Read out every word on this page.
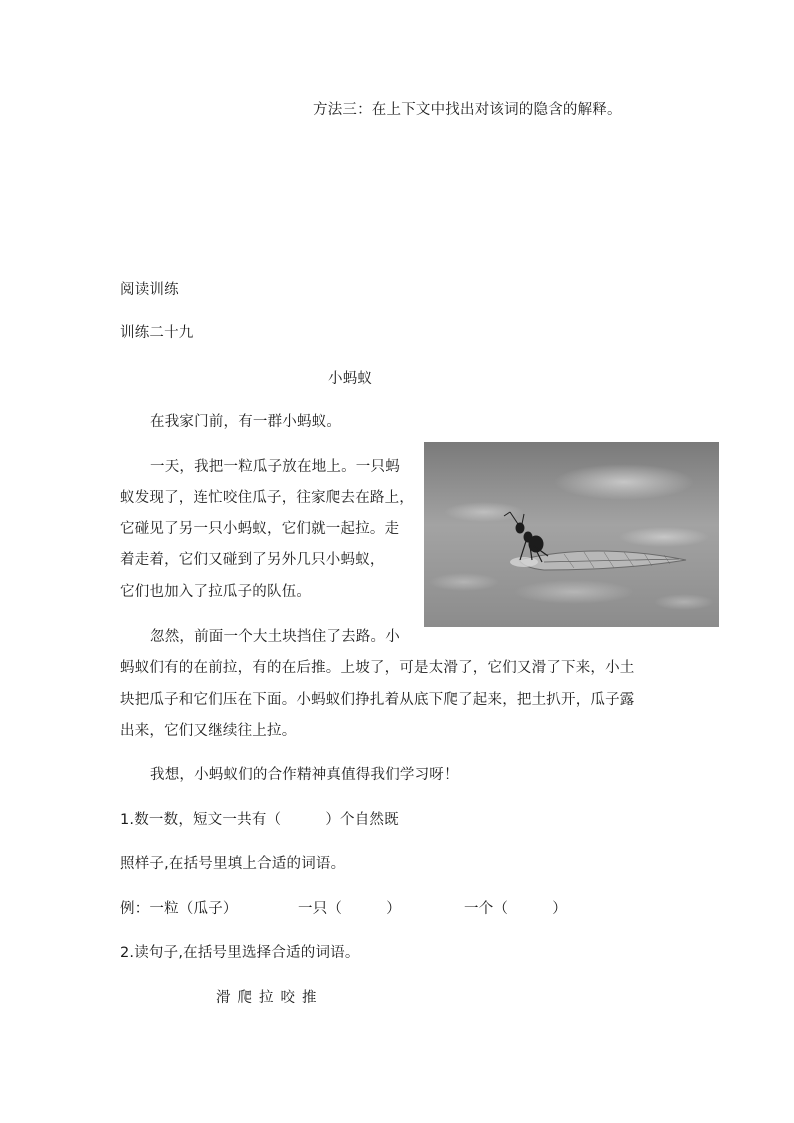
方法三：在上下文中找出对该词的隐含的解释。
阅读训练
训练二十九
小蚂蚁
在我家门前，有一群小蚂蚁。
一天，我把一粒瓜子放在地上。一只蚂
蚁发现了，连忙咬住瓜子，往家爬去在路上，
它碰见了另一只小蚂蚁，它们就一起拉。走
着走着，它们又碰到了另外几只小蚂蚁，
它们也加入了拉瓜子的队伍。
忽然，前面一个大土块挡住了去路。小
蚂蚁们有的在前拉，有的在后推。上坡了，可是太滑了，它们又滑了下来，小土
块把瓜子和它们压在下面。小蚂蚁们挣扎着从底下爬了起来，把土扒开，瓜子露
出来，它们又继续往上拉。
我想，小蚂蚁们的合作精神真值得我们学习呀！
1.数一数，短文一共有（　　　）个自然既
照样子,在括号里填上合适的词语。
例：一粒（瓜子）	一只（　　　）	一个（　　　）
2.读句子,在括号里选择合适的词语。
滑 爬 拉 咬 推
